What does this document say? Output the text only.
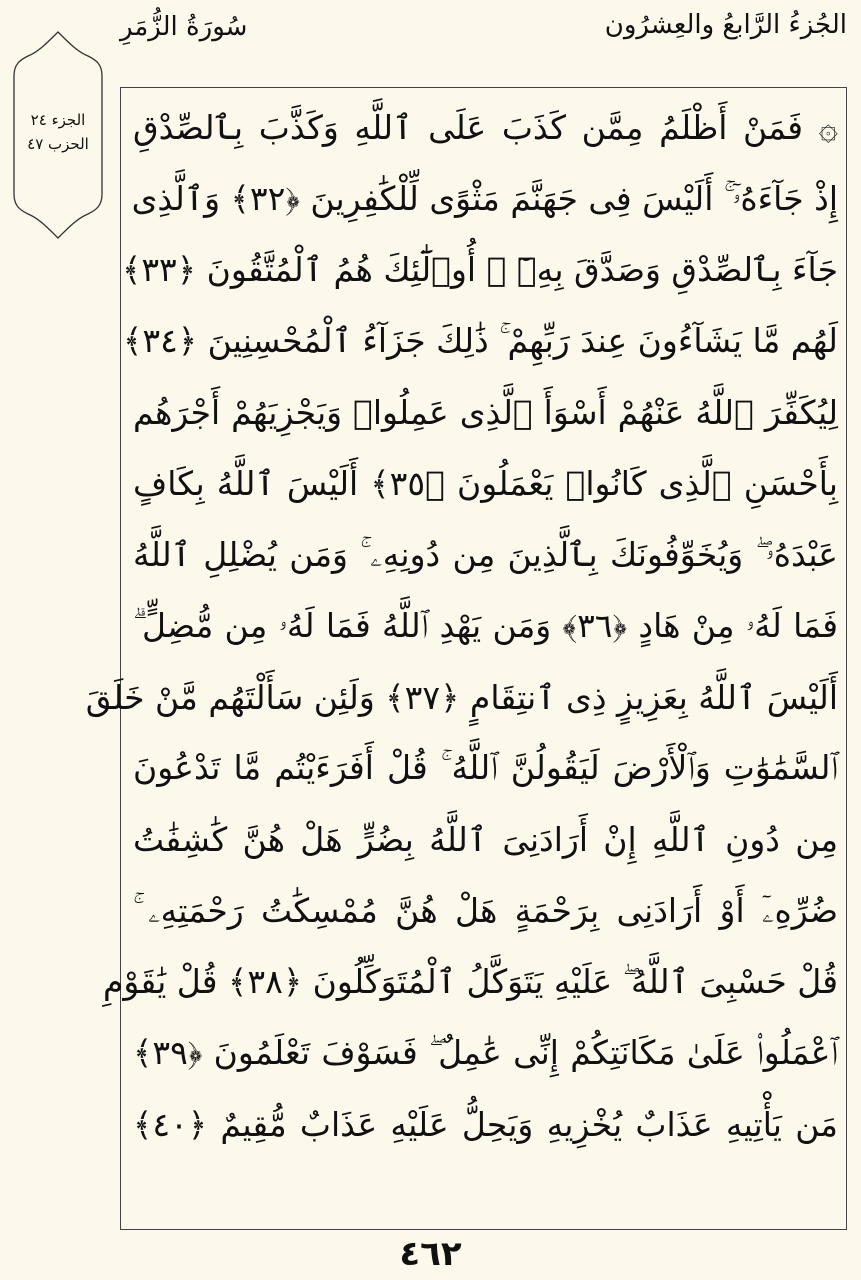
الجُزءُ الرَّابعُ والعِشرُون
سُورَةُ الزُّمَرِ
الجزء ٢٤
الحزب ٤٧	۞ فَمَنْ أَظْلَمُ مِمَّن كَذَبَ عَلَى ٱللَّهِ وَكَذَّبَ بِٱلصِّدْقِ
إِذْ جَآءَهُۥٓ ۚ أَلَيْسَ فِى جَهَنَّمَ مَثْوًى لِّلْكَٰفِرِينَ ﴿٣٢﴾ وَٱلَّذِى
جَآءَ بِٱلصِّدْقِ وَصَدَّقَ بِهِۦٓ ۙ أُو۟لَٰٓئِكَ هُمُ ٱلْمُتَّقُونَ ﴿٣٣﴾
لَهُم مَّا يَشَآءُونَ عِندَ رَبِّهِمْ ۚ ذَٰلِكَ جَزَآءُ ٱلْمُحْسِنِينَ ﴿٣٤﴾
لِيُكَفِّرَ ٱللَّهُ عَنْهُمْ أَسْوَأَ ٱلَّذِى عَمِلُوا۟ وَيَجْزِيَهُمْ أَجْرَهُم
بِأَحْسَنِ ٱلَّذِى كَانُوا۟ يَعْمَلُونَ ﴿٣٥﴾ أَلَيْسَ ٱللَّهُ بِكَافٍ
عَبْدَهُۥ ۖ وَيُخَوِّفُونَكَ بِٱلَّذِينَ مِن دُونِهِۦ ۚ وَمَن يُضْلِلِ ٱللَّهُ
فَمَا لَهُۥ مِنْ هَادٍ ﴿٣٦﴾ وَمَن يَهْدِ ٱللَّهُ فَمَا لَهُۥ مِن مُّضِلٍّ ۗ
أَلَيْسَ ٱللَّهُ بِعَزِيزٍ ذِى ٱنتِقَامٍ ﴿٣٧﴾ وَلَئِن سَأَلْتَهُم مَّنْ خَلَقَ
ٱلسَّمَٰوَٰتِ وَٱلْأَرْضَ لَيَقُولُنَّ ٱللَّهُ ۚ قُلْ أَفَرَءَيْتُم مَّا تَدْعُونَ
مِن دُونِ ٱللَّهِ إِنْ أَرَادَنِىَ ٱللَّهُ بِضُرٍّ هَلْ هُنَّ كَٰشِفَٰتُ
ضُرِّهِۦٓ أَوْ أَرَادَنِى بِرَحْمَةٍ هَلْ هُنَّ مُمْسِكَٰتُ رَحْمَتِهِۦ ۚ
قُلْ حَسْبِىَ ٱللَّهُ ۖ عَلَيْهِ يَتَوَكَّلُ ٱلْمُتَوَكِّلُونَ ﴿٣٨﴾ قُلْ يَٰقَوْمِ
ٱعْمَلُوا۟ عَلَىٰ مَكَانَتِكُمْ إِنِّى عَٰمِلٌ ۖ فَسَوْفَ تَعْلَمُونَ ﴿٣٩﴾
مَن يَأْتِيهِ عَذَابٌ يُخْزِيهِ وَيَحِلُّ عَلَيْهِ عَذَابٌ مُّقِيمٌ ﴿٤٠﴾
٤٦٢
